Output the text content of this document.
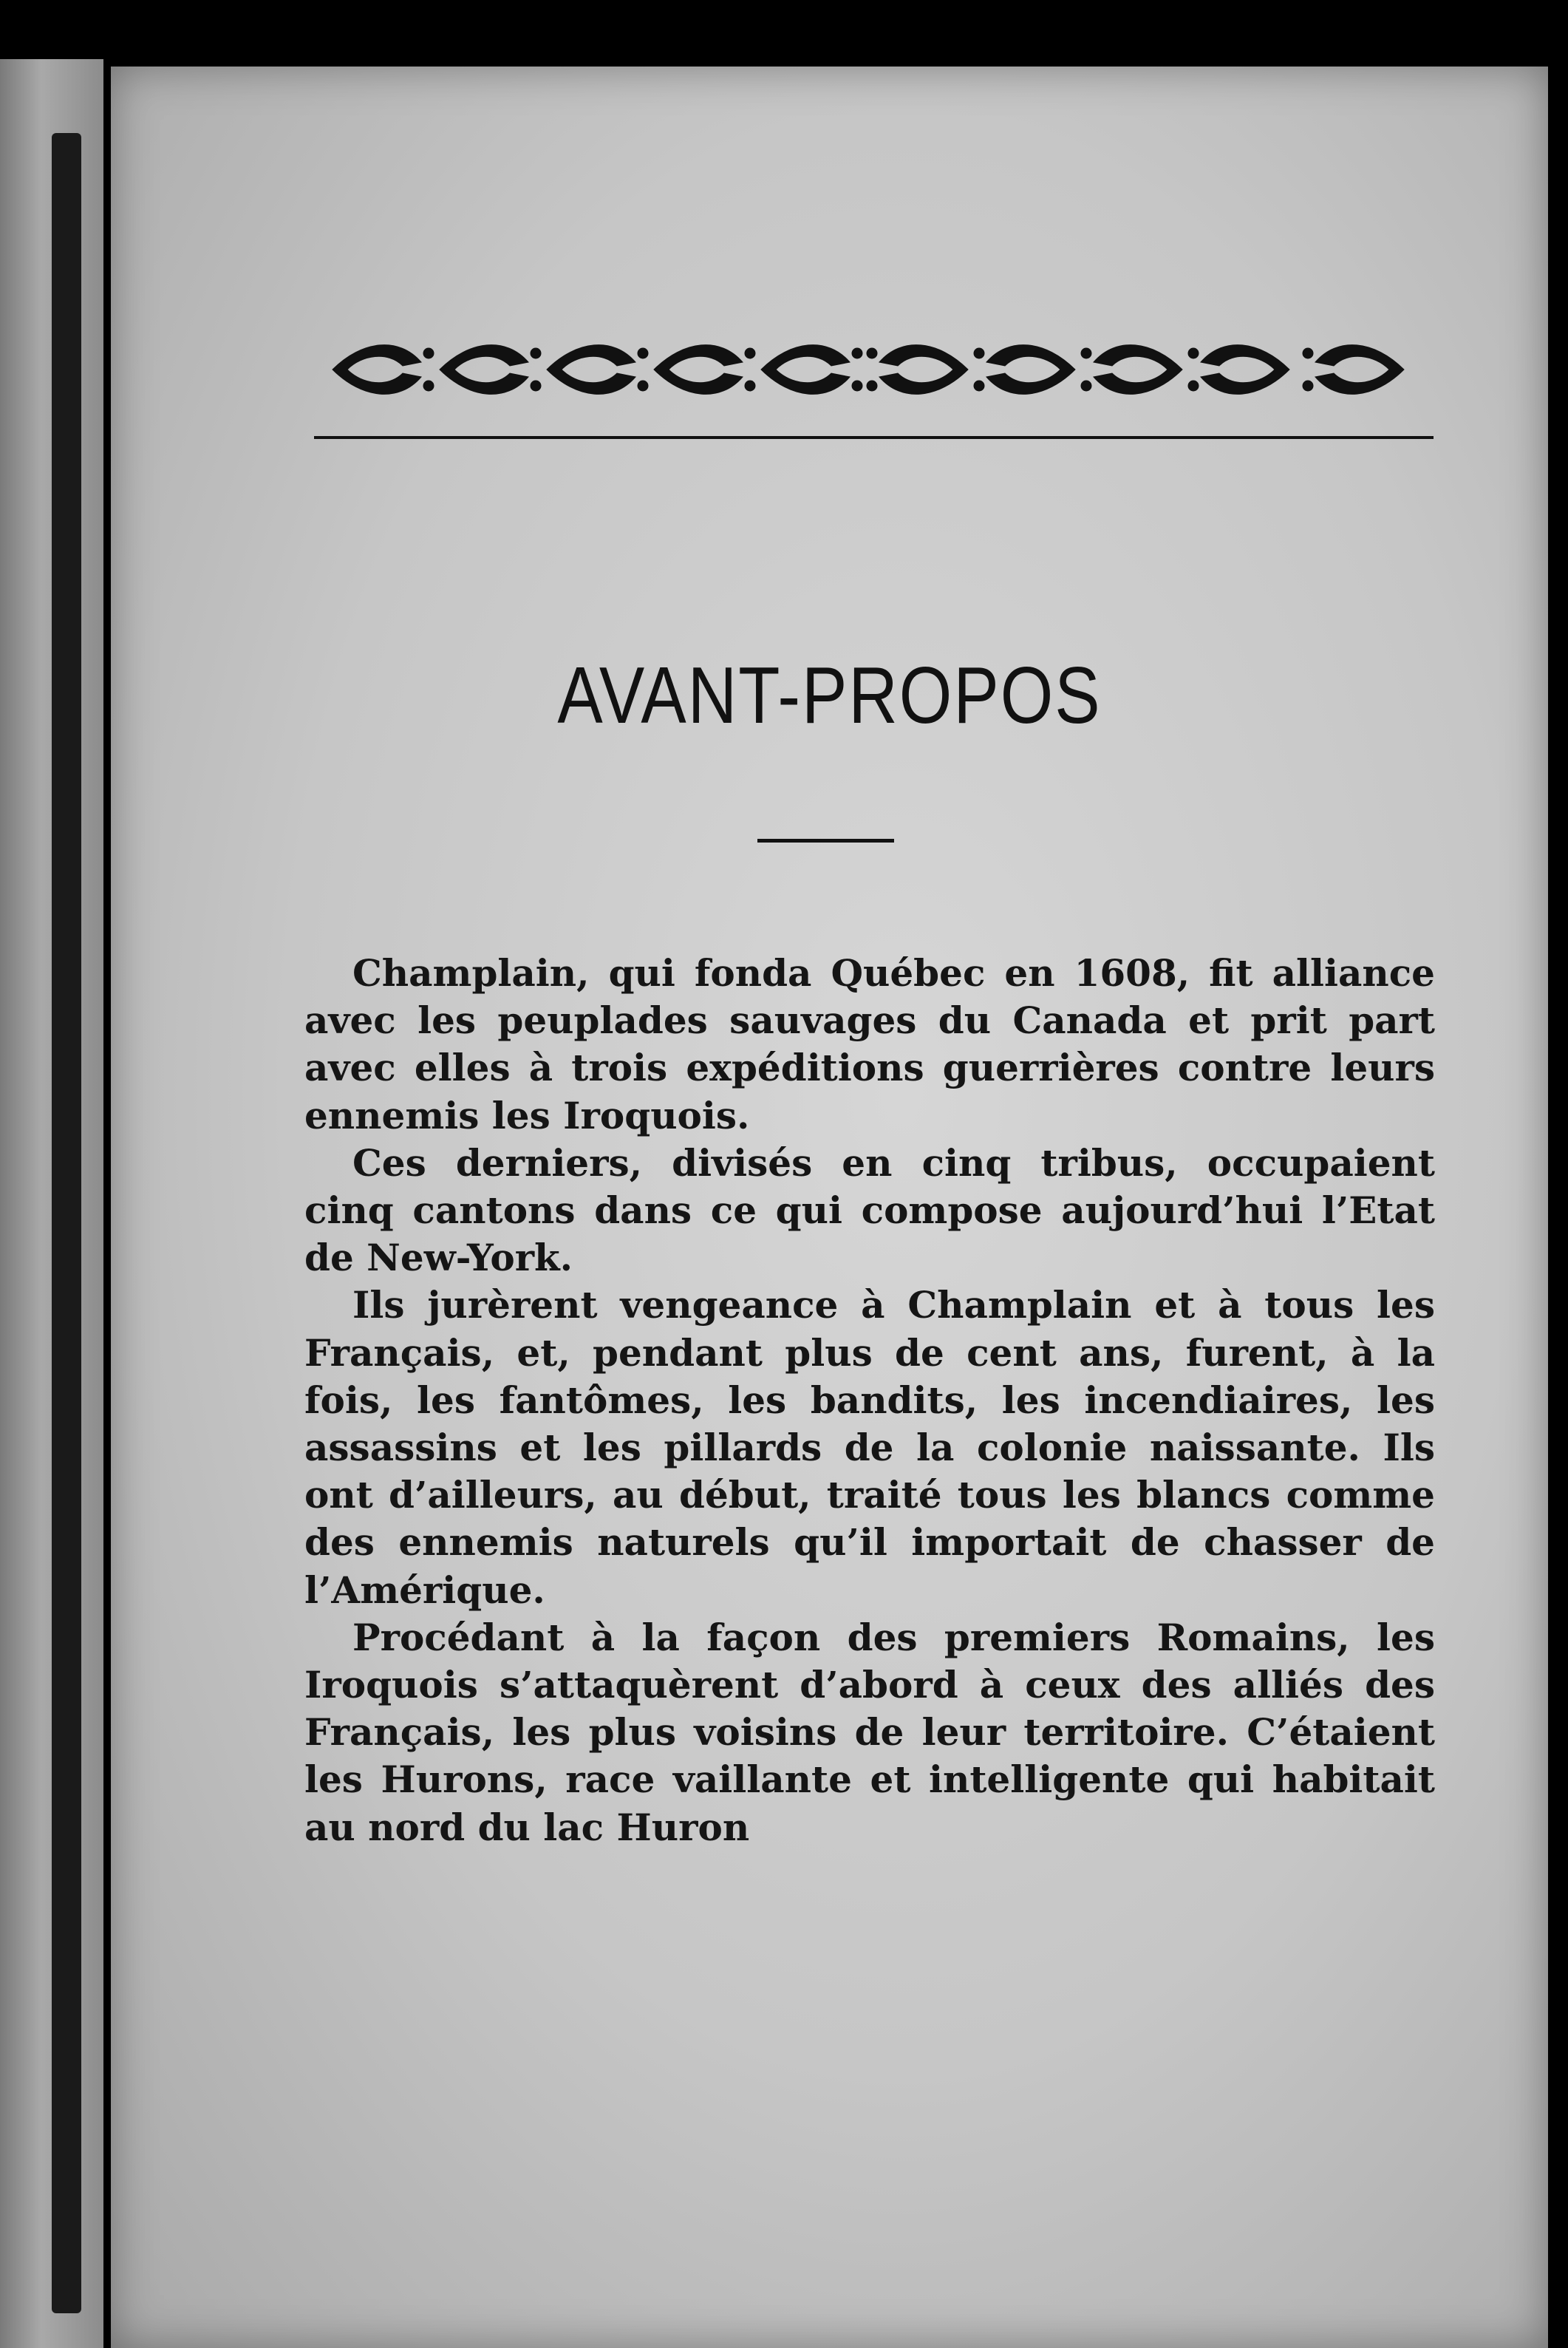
AVANT-PROPOS

Champlain, qui fonda Québec en 1608, fit alliance avec les peuplades sauvages du Canada et prit part avec elles à trois expéditions guerrières contre leurs ennemis les Iroquois.

Ces derniers, divisés en cinq tribus, occupaient cinq cantons dans ce qui compose aujourd’hui l’Etat de New-York.

Ils jurèrent vengeance à Champlain et à tous les Français, et, pendant plus de cent ans, furent, à la fois, les fantômes, les bandits, les incendiaires, les assassins et les pillards de la colonie naissante. Ils ont d’ailleurs, au début, traité tous les blancs comme des ennemis naturels qu’il importait de chasser de l’Amérique.

Procédant à la façon des premiers Romains, les Iroquois s’attaquèrent d’abord à ceux des alliés des Français, les plus voisins de leur territoire. C’étaient les Hurons, race vaillante et intelligente qui habitait au nord du lac Huron
